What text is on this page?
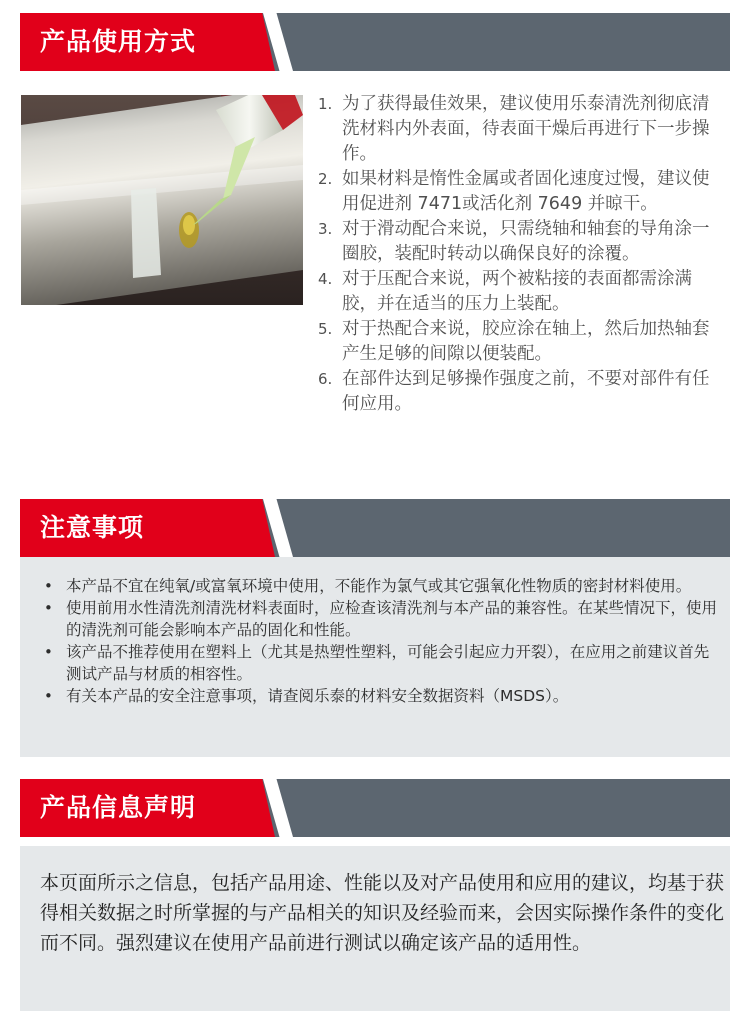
产品使用方式
1. 为了获得最佳效果，建议使用乐泰清洗剂彻底清洗材料内外表面，待表面干燥后再进行下一步操作。
2. 如果材料是惰性金属或者固化速度过慢，建议使用促进剂 7471或活化剂 7649 并晾干。
3. 对于滑动配合来说，只需绕轴和轴套的导角涂一圈胶，装配时转动以确保良好的涂覆。
4. 对于压配合来说，两个被粘接的表面都需涂满胶，并在适当的压力上装配。
5. 对于热配合来说，胶应涂在轴上，然后加热轴套产生足够的间隙以便装配。
6. 在部件达到足够操作强度之前，不要对部件有任何应用。
注意事项
• 本产品不宜在纯氧/或富氧环境中使用，不能作为氯气或其它强氧化性物质的密封材料使用。
• 使用前用水性清洗剂清洗材料表面时，应检查该清洗剂与本产品的兼容性。在某些情况下，使用的清洗剂可能会影响本产品的固化和性能。
• 该产品不推荐使用在塑料上（尤其是热塑性塑料，可能会引起应力开裂），在应用之前建议首先测试产品与材质的相容性。
• 有关本产品的安全注意事项，请查阅乐泰的材料安全数据资料（MSDS）。
产品信息声明

本页面所示之信息，包括产品用途、性能以及对产品使用和应用的建议，均基于获得相关数据之时所掌握的与产品相关的知识及经验而来，会因实际操作条件的变化而不同。强烈建议在使用产品前进行测试以确定该产品的适用性。
